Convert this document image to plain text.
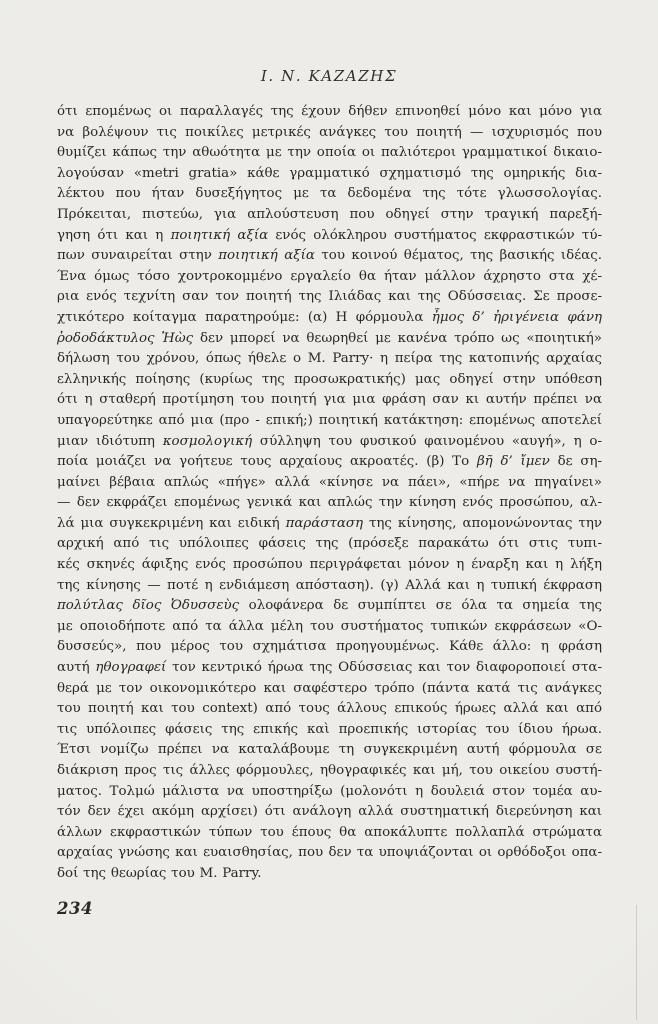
Ι. Ν. ΚΑΖΑΖΗΣ
ότι επομένως οι παραλλαγές της έχουν δήθεν επινοηθεί μόνο και μόνο για
να βολέψουν τις ποικίλες μετρικές ανάγκες του ποιητή — ισχυρισμός που
θυμίζει κάπως την αθωότητα με την οποία οι παλιότεροι γραμματικοί δικαιο-
λογούσαν «metri gratia» κάθε γραμματικό σχηματισμό της ομηρικής δια-
λέκτου που ήταν δυσεξήγητος με τα δεδομένα της τότε γλωσσολογίας.
Πρόκειται, πιστεύω, για απλούστευση που οδηγεί στην τραγική παρεξή-
γηση ότι και η ποιητική αξία ενός ολόκληρου συστήματος εκφραστικών τύ-
πων συναιρείται στην ποιητική αξία του κοινού θέματος, της βασικής ιδέας.
Ένα όμως τόσο χοντροκομμένο εργαλείο θα ήταν μάλλον άχρηστο στα χέ-
ρια ενός τεχνίτη σαν τον ποιητή της Ιλιάδας και της Οδύσσειας. Σε προσε-
χτικότερο κοίταγμα παρατηρούμε: (α) Η φόρμουλα ἦμος δ’ ἠριγένεια φάνη
ῥοδοδάκτυλος Ἠὼς δεν μπορεί να θεωρηθεί με κανένα τρόπο ως «ποιητική»
δήλωση του χρόνου, όπως ήθελε ο M. Parry· η πείρα της κατοπινής αρχαίας
ελληνικής ποίησης (κυρίως της προσωκρατικής) μας οδηγεί στην υπόθεση
ότι η σταθερή προτίμηση του ποιητή για μια φράση σαν κι αυτήν πρέπει να
υπαγορεύτηκε από μια (προ - επική;) ποιητική κατάκτηση: επομένως αποτελεί
μιαν ιδιότυπη κοσμολογική σύλληψη του φυσικού φαινομένου «αυγή», η ο-
ποία μοιάζει να γοήτευε τους αρχαίους ακροατές. (β) Το βῆ δ’ ἴμεν δε ση-
μαίνει βέβαια απλώς «πήγε» αλλά «κίνησε να πάει», «πήρε να πηγαίνει»
— δεν εκφράζει επομένως γενικά και απλώς την κίνηση ενός προσώπου, αλ-
λά μια συγκεκριμένη και ειδική παράσταση της κίνησης, απομονώνοντας την
αρχική από τις υπόλοιπες φάσεις της (πρόσεξε παρακάτω ότι στις τυπι-
κές σκηνές άφιξης ενός προσώπου περιγράφεται μόνον η έναρξη και η λήξη
της κίνησης — ποτέ η ενδιάμεση απόσταση). (γ) Αλλά και η τυπική έκφραση
πολύτλας δῖος Ὀδυσσεὺς ολοφάνερα δε συμπίπτει σε όλα τα σημεία της
με οποιοδήποτε από τα άλλα μέλη του συστήματος τυπικών εκφράσεων «Ο-
δυσσεύς», που μέρος του σχημάτισα προηγουμένως. Κάθε άλλο: η φράση
αυτή ηθογραφεί τον κεντρικό ήρωα της Οδύσσειας και τον διαφοροποιεί στα-
θερά με τον οικονομικότερο και σαφέστερο τρόπο (πάντα κατά τις ανάγκες
του ποιητή και του context) από τους άλλους επικούς ήρωες αλλά και από
τις υπόλοιπες φάσεις της επικής καὶ προεπικής ιστορίας του ίδιου ήρωα.
Έτσι νομίζω πρέπει να καταλάβουμε τη συγκεκριμένη αυτή φόρμουλα σε
διάκριση προς τις άλλες φόρμουλες, ηθογραφικές και μή, του οικείου συστή-
ματος. Τολμώ μάλιστα να υποστηρίξω (μολονότι η δουλειά στον τομέα αυ-
τόν δεν έχει ακόμη αρχίσει) ότι ανάλογη αλλά συστηματική διερεύνηση και
άλλων εκφραστικών τύπων του έπους θα αποκάλυπτε πολλαπλά στρώματα
αρχαίας γνώσης και ευαισθησίας, που δεν τα υποψιάζονται οι ορθόδοξοι οπα-
δοί της θεωρίας του M. Parry.
234
